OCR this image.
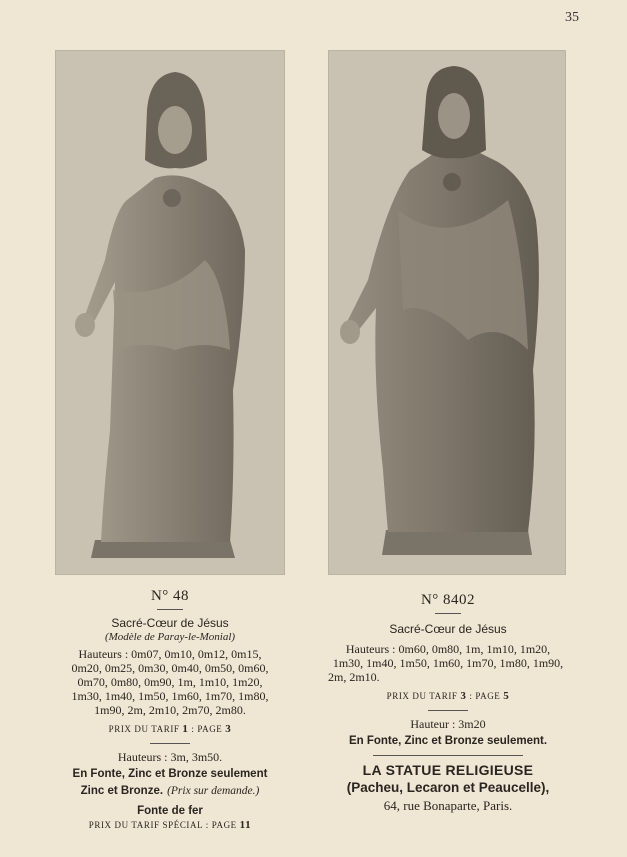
35
N° 48
Sacré-Cœur de Jésus
(Modèle de Paray-le-Monial)
Hauteurs : 0m07, 0m10, 0m12, 0m15,
0m20, 0m25, 0m30, 0m40, 0m50, 0m60,
0m70, 0m80, 0m90, 1m, 1m10, 1m20,
1m30, 1m40, 1m50, 1m60, 1m70, 1m80,
1m90, 2m, 2m10, 2m70, 2m80.
PRIX DU TARIF 1 : PAGE 3
Hauteurs : 3m, 3m50.
En Fonte, Zinc et Bronze seulement
Zinc et Bronze. (Prix sur demande.)
Fonte de fer
PRIX DU TARIF SPÉCIAL : PAGE 11
N° 8402
Sacré-Cœur de Jésus
Hauteurs : 0m60, 0m80, 1m, 1m10, 1m20,
1m30, 1m40, 1m50, 1m60, 1m70, 1m80, 1m90,
2m, 2m10.
PRIX DU TARIF 3 : PAGE 5
Hauteur : 3m20
En Fonte, Zinc et Bronze seulement.
LA STATUE RELIGIEUSE
(Pacheu, Lecaron et Peaucelle),
64, rue Bonaparte, Paris.
